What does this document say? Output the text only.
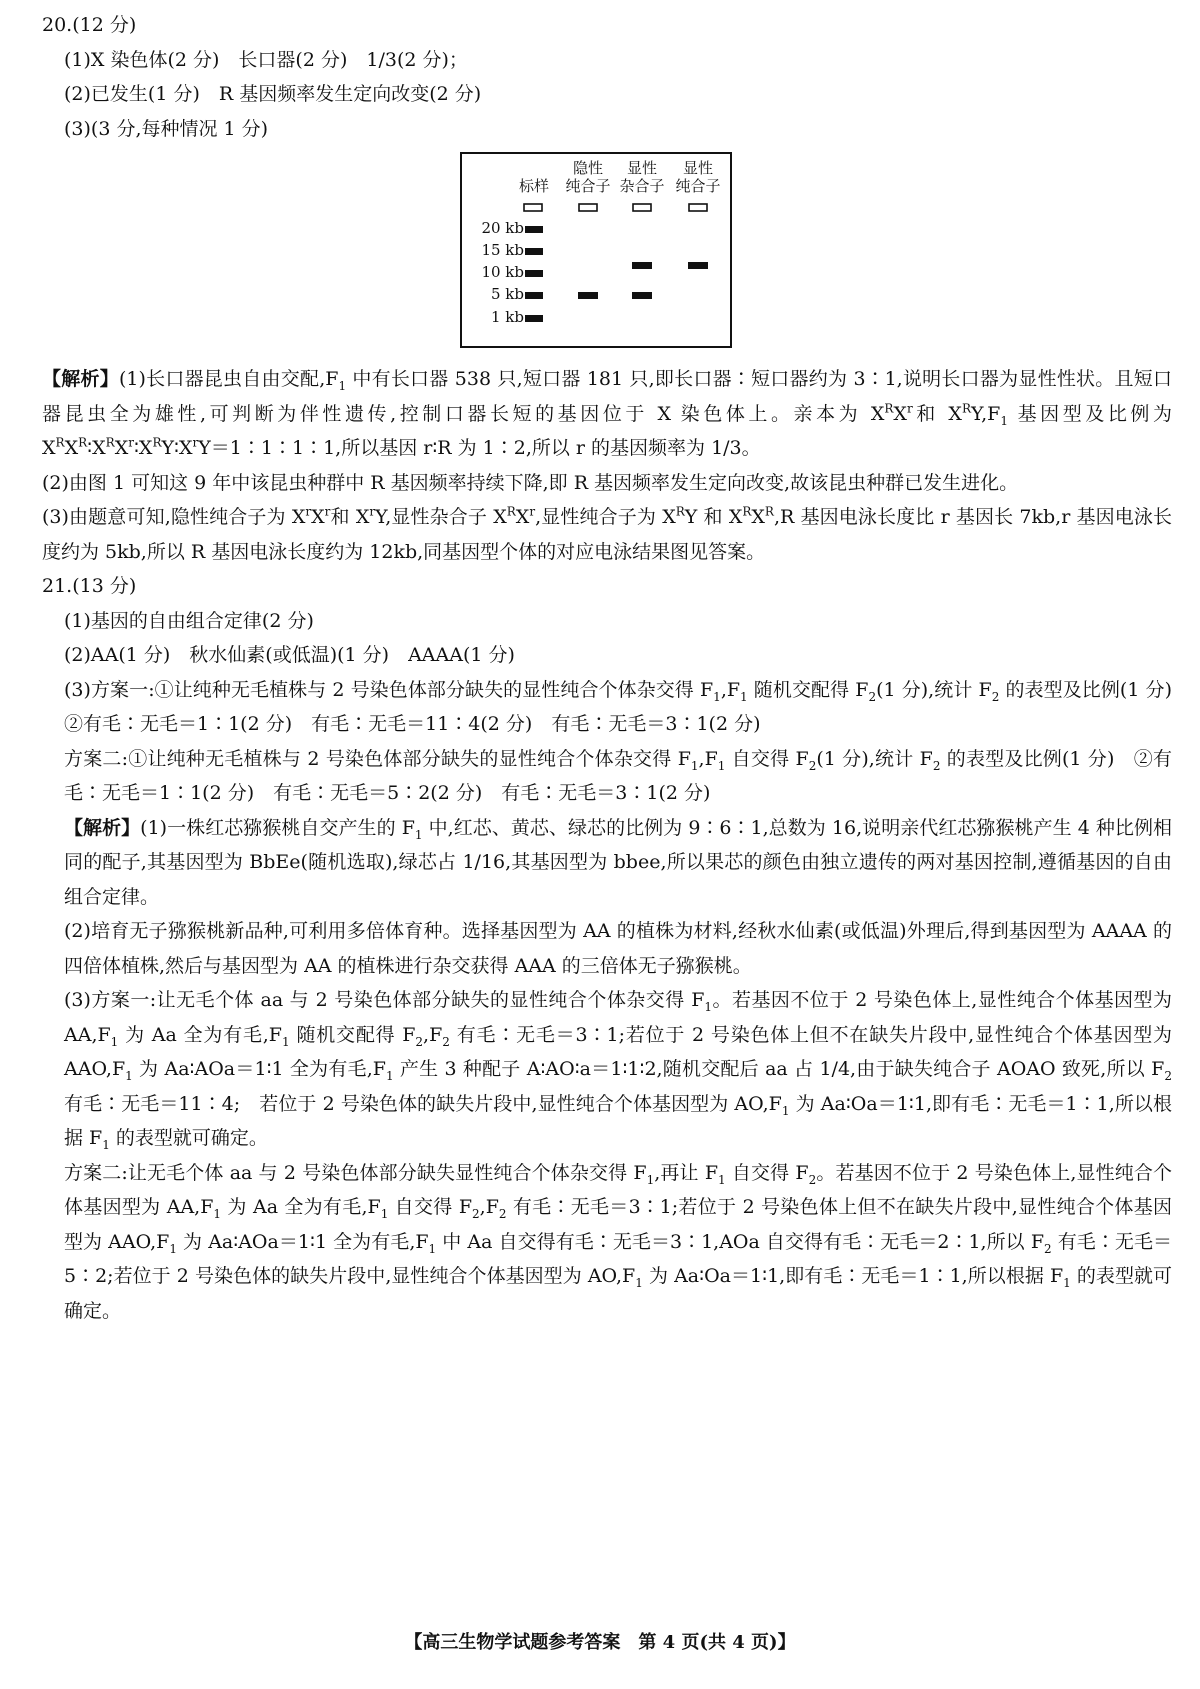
20.(12 分)

(1)X 染色体(2 分)　长口器(2 分)　1/3(2 分)；

(2)已发生(1 分)　R 基因频率发生定向改变(2 分)

(3)(3 分,每种情况 1 分)

标样
隐性
纯合子
显性
杂合子
显性
纯合子
20 kb
15 kb
10 kb
5 kb
1 kb

【解析】(1)长口器昆虫自由交配$,F_1$ 中有长口器 538 只,短口器 181 只,即长口器∶短口器约为 3∶1,说明长口器为显性性状。且短口器昆虫全为雄性,可判断为伴性遗传,控制口器长短的基因位于 X 染色体上。亲本为 $X^RX^r$和 $X^RY,F_1$ 基因型及比例为 $X^RX^R∶X^RX^r∶X^RY∶X^rY=1∶1∶1∶1$,所以基因 r∶R 为 1∶2,所以 r 的基因频率为 1/3。

(2)由图 1 可知这 9 年中该昆虫种群中 R 基因频率持续下降,即 R 基因频率发生定向改变,故该昆虫种群已发生进化。

(3)由题意可知,隐性纯合子为 $X^rX^r$和 $X^rY$,显性杂合子 $X^RX^r$,显性纯合子为 $X^RY$ 和 $X^RX^R,R$ 基因电泳长度比 r 基因长 7kb,r 基因电泳长度约为 5kb,所以 R 基因电泳长度约为 12kb,同基因型个体的对应电泳结果图见答案。

21.(13 分)

(1)基因的自由组合定律(2 分)

(2)AA(1 分)　秋水仙素(或低温)(1 分)　AAAA(1 分)

(3)方案一:①让纯种无毛植株与 2 号染色体部分缺失的显性纯合个体杂交得 $F_1,F_1$ 随机交配得 $F_2(1$ 分),统计 $F_2$ 的表型及比例(1 分)　②有毛∶无毛＝1∶1(2 分)　有毛∶无毛＝11∶4(2 分)　有毛∶无毛＝3∶1(2 分)

方案二:①让纯种无毛植株与 2 号染色体部分缺失的显性纯合个体杂交得 $F_1,F_1$ 自交得 $F_2(1$ 分),统计 $F_2$ 的表型及比例(1 分)　②有毛∶无毛＝1∶1(2 分)　有毛∶无毛＝5∶2(2 分)　有毛∶无毛＝3∶1(2 分)

【解析】(1)一株红芯猕猴桃自交产生的 $F_1$ 中,红芯、黄芯、绿芯的比例为 9∶6∶1,总数为 16,说明亲代红芯猕猴桃产生 4 种比例相同的配子,其基因型为 BbEe(随机选取),绿芯占 1/16,其基因型为 bbee,所以果芯的颜色由独立遗传的两对基因控制,遵循基因的自由组合定律。

(2)培育无子猕猴桃新品种,可利用多倍体育种。选择基因型为 AA 的植株为材料,经秋水仙素(或低温)外理后,得到基因型为 AAAA 的四倍体植株,然后与基因型为 AA 的植株进行杂交获得 AAA 的三倍体无子猕猴桃。

(3)方案一:让无毛个体 aa 与 2 号染色体部分缺失的显性纯合个体杂交得 $F_1$。若基因不位于 2 号染色体上,显性纯合个体基因型为 $AA,F_1$ 为 Aa 全为有毛$,F_1$ 随机交配得 $F_2,F_2$ 有毛∶无毛＝3∶1;若位于 2 号染色体上但不在缺失片段中,显性纯合个体基因型为 $AAO,F_1$ 为 Aa∶AOa＝1∶1 全为有毛$,F_1$ 产生 3 种配子 A∶AO∶a＝1∶1∶2,随机交配后 aa 占 1/4,由于缺失纯合子 AOAO 致死,所以 $F_2$ 有毛∶无毛＝11∶4;　若位于 2 号染色体的缺失片段中,显性纯合个体基因型为 $AO,F_1$ 为 Aa∶Oa＝1∶1,即有毛∶无毛＝1∶1,所以根据 $F_1$ 的表型就可确定。

方案二:让无毛个体 aa 与 2 号染色体部分缺失显性纯合个体杂交得 $F_1$,再让 $F_1$ 自交得 $F_2$。若基因不位于 2 号染色体上,显性纯合个体基因型为 $AA,F_1$ 为 Aa 全为有毛$,F_1$ 自交得 $F_2,F_2$ 有毛∶无毛＝3∶1;若位于 2 号染色体上但不在缺失片段中,显性纯合个体基因型为 $AAO,F_1$ 为 Aa∶AOa＝1∶1 全为有毛$,F_1$ 中 Aa 自交得有毛∶无毛＝3∶1,AOa 自交得有毛∶无毛＝2∶1,所以 $F_2$ 有毛∶无毛＝5∶2;若位于 2 号染色体的缺失片段中,显性纯合个体基因型为 $AO,F_1$ 为 Aa∶Oa＝1∶1,即有毛∶无毛＝1∶1,所以根据 $F_1$ 的表型就可确定。

【高三生物学试题参考答案　第 4 页(共 4 页)】
